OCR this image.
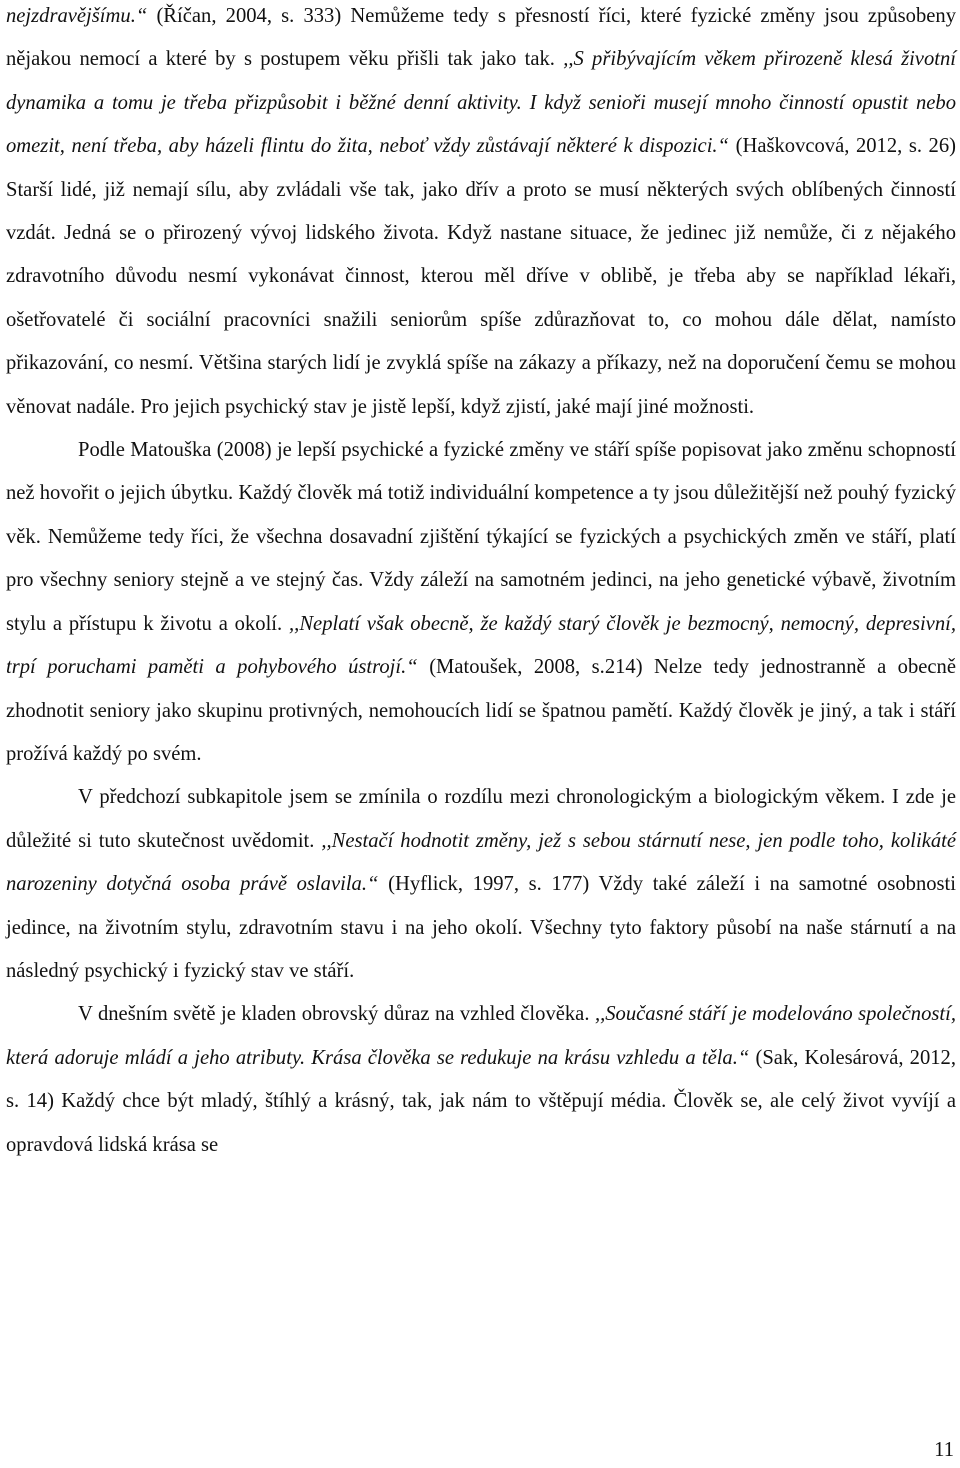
nejzdravějšímu.“ (Říčan, 2004, s. 333) Nemůžeme tedy s přesností říci, které fyzické změny jsou způsobeny nějakou nemocí a které by s postupem věku přišli tak jako tak. ,,S přibývajícím věkem přirozeně klesá životní dynamika a tomu je třeba přizpůsobit i běžné denní aktivity. I když senioři musejí mnoho činností opustit nebo omezit, není třeba, aby házeli flintu do žita, neboť vždy zůstávají některé k dispozici.“ (Haškovcová, 2012, s. 26) Starší lidé, již nemají sílu, aby zvládali vše tak, jako dřív a proto se musí některých svých oblíbených činností vzdát. Jedná se o přirozený vývoj lidského života. Když nastane situace, že jedinec již nemůže, či z nějakého zdravotního důvodu nesmí vykonávat činnost, kterou měl dříve v oblibě, je třeba aby se například lékaři, ošetřovatelé či sociální pracovníci snažili seniorům spíše zdůrazňovat to, co mohou dále dělat, namísto přikazování, co nesmí. Většina starých lidí je zvyklá spíše na zákazy a příkazy, než na doporučení čemu se mohou věnovat nadále. Pro jejich psychický stav je jistě lepší, když zjistí, jaké mají jiné možnosti.

Podle Matouška (2008) je lepší psychické a fyzické změny ve stáří spíše popisovat jako změnu schopností než hovořit o jejich úbytku. Každý člověk má totiž individuální kompetence a ty jsou důležitější než pouhý fyzický věk. Nemůžeme tedy říci, že všechna dosavadní zjištění týkající se fyzických a psychických změn ve stáří, platí pro všechny seniory stejně a ve stejný čas. Vždy záleží na samotném jedinci, na jeho genetické výbavě, životním stylu a přístupu k životu a okolí. ,,Neplatí však obecně, že každý starý člověk je bezmocný, nemocný, depresivní, trpí poruchami paměti a pohybového ústrojí.“ (Matoušek, 2008, s.214) Nelze tedy jednostranně a obecně zhodnotit seniory jako skupinu protivných, nemohoucích lidí se špatnou pamětí. Každý člověk je jiný, a tak i stáří prožívá každý po svém.

V předchozí subkapitole jsem se zmínila o rozdílu mezi chronologickým a biologickým věkem. I zde je důležité si tuto skutečnost uvědomit. ,,Nestačí hodnotit změny, jež s sebou stárnutí nese, jen podle toho, kolikáté narozeniny dotyčná osoba právě oslavila.“ (Hyflick, 1997, s. 177) Vždy také záleží i na samotné osobnosti jedince, na životním stylu, zdravotním stavu i na jeho okolí. Všechny tyto faktory působí na naše stárnutí a na následný psychický i fyzický stav ve stáří.

V dnešním světě je kladen obrovský důraz na vzhled člověka. ,,Současné stáří je modelováno společností, která adoruje mládí a jeho atributy. Krása člověka se redukuje na krásu vzhledu a těla.“ (Sak, Kolesárová, 2012, s. 14) Každý chce být mladý, štíhlý a krásný, tak, jak nám to vštěpují média. Člověk se, ale celý život vyvíjí a opravdová lidská krása se

11
